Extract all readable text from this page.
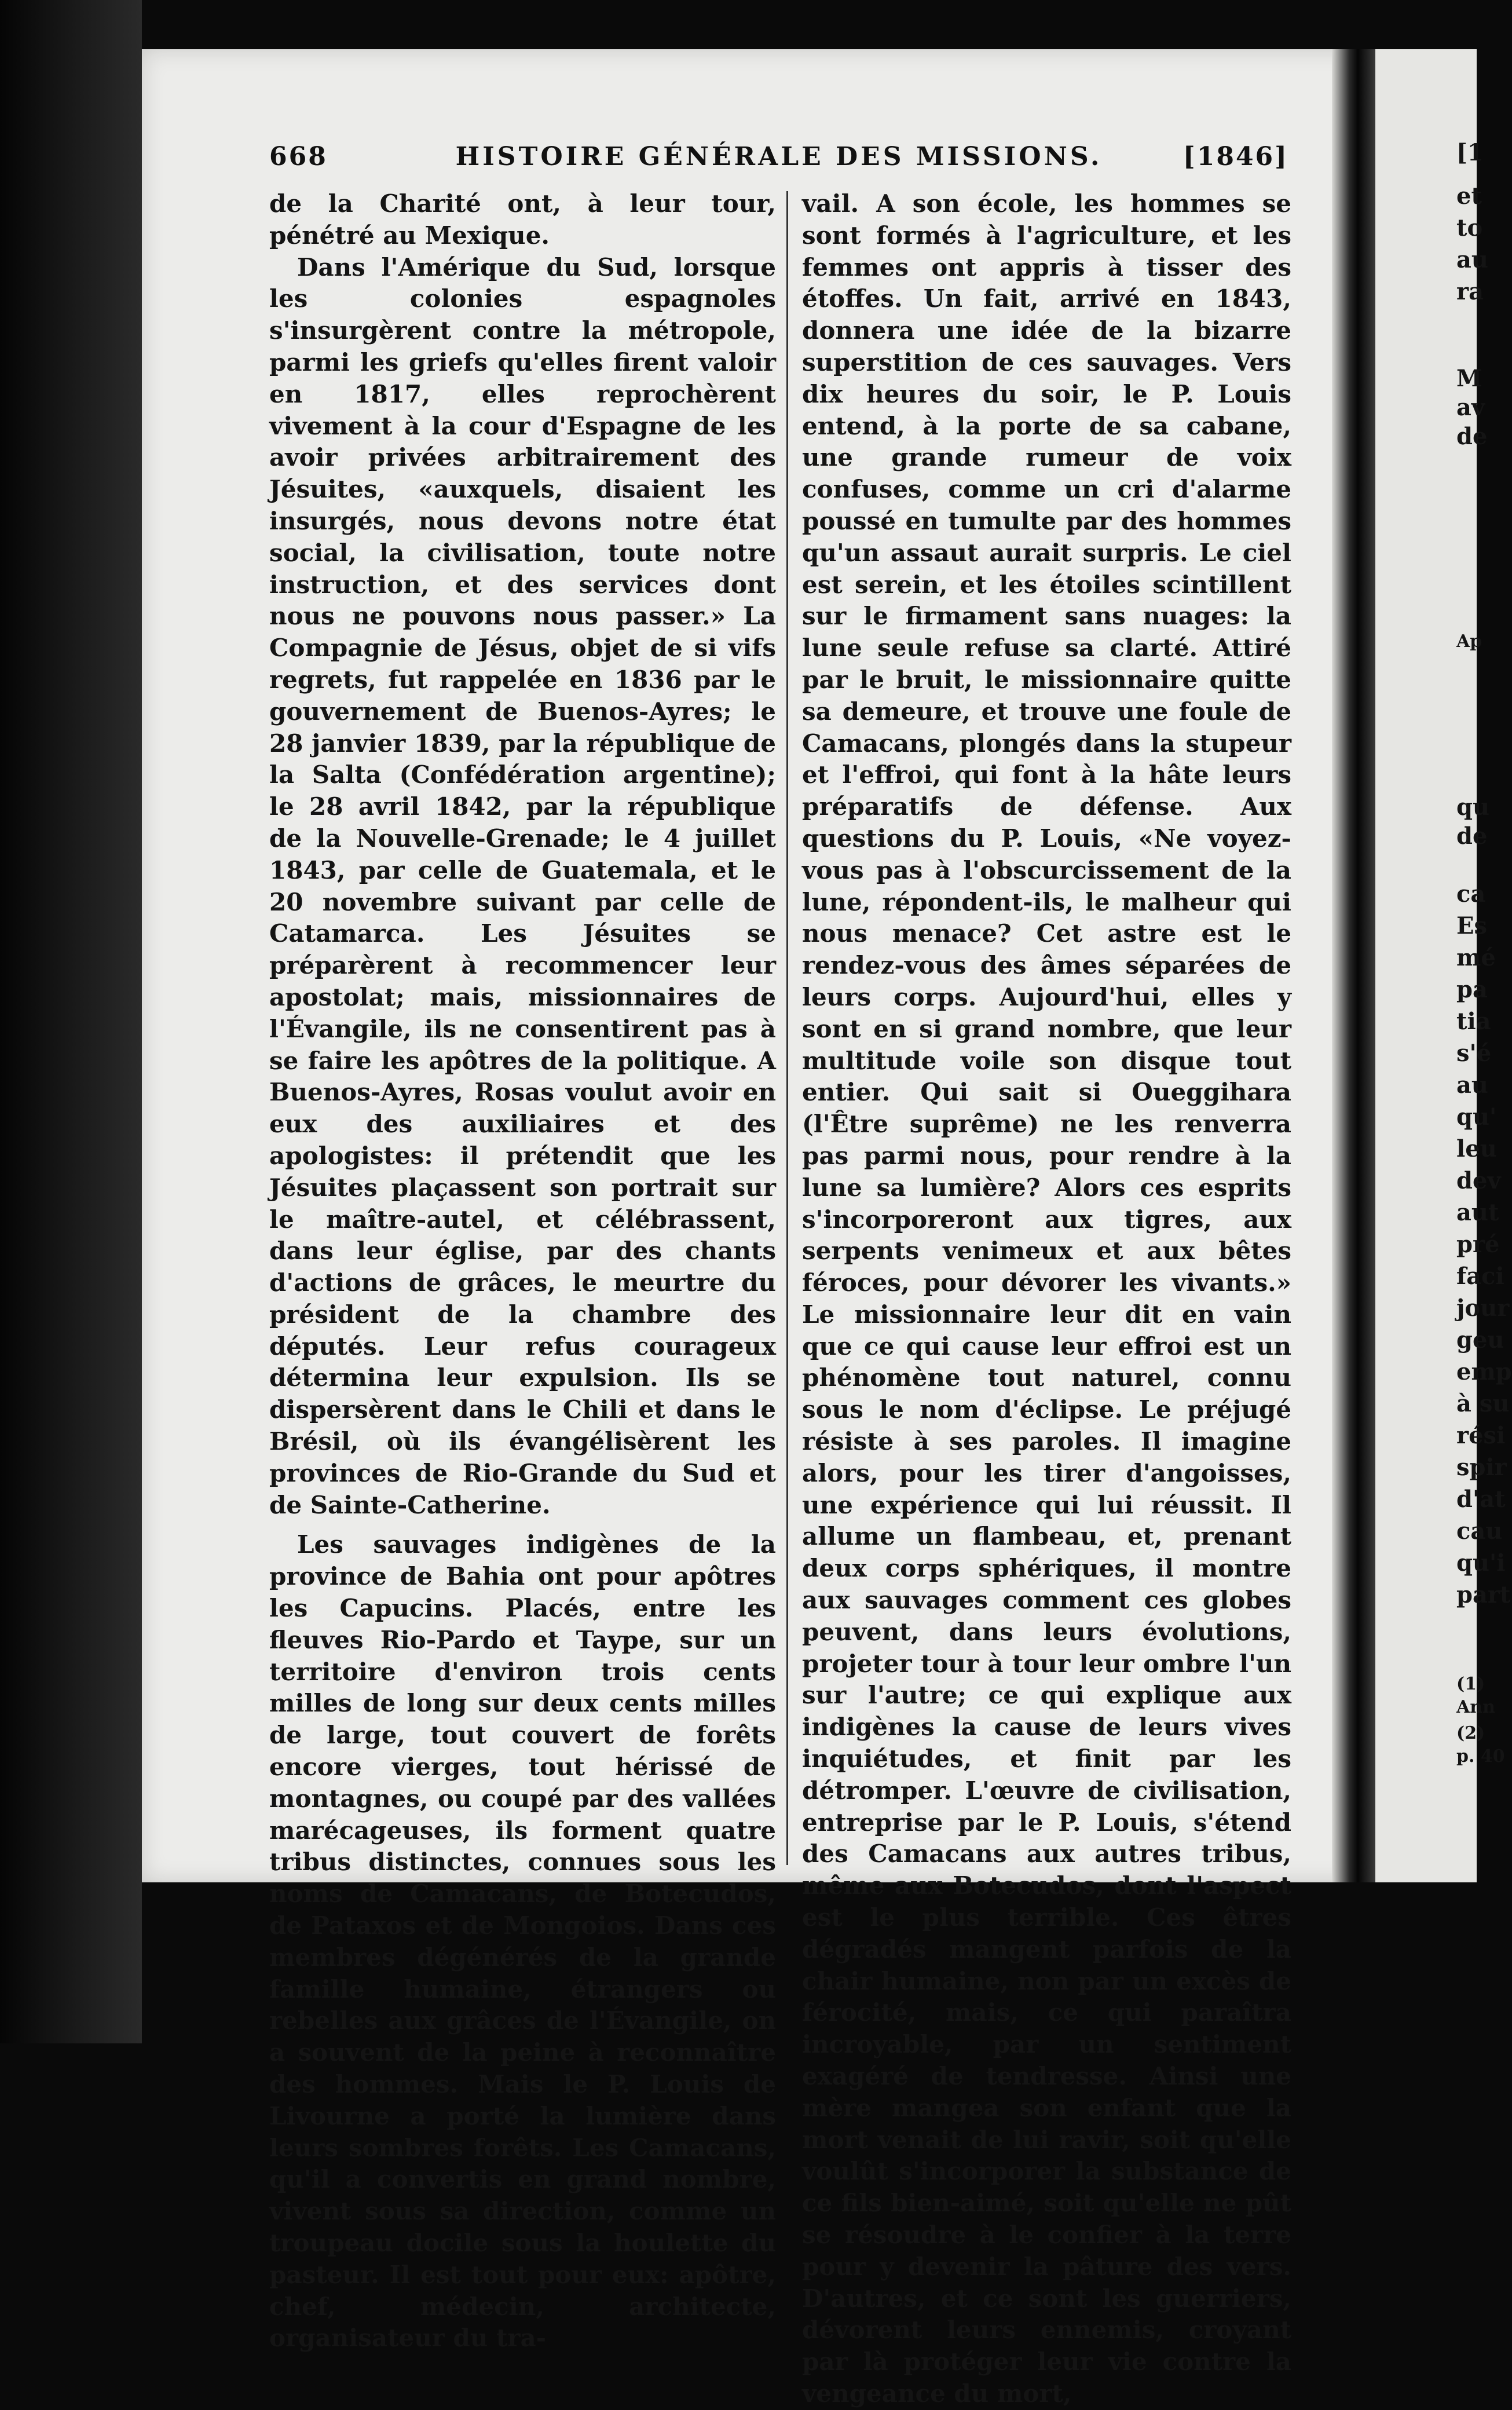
[1
et
to
au
ra
M
av
de
Ap
qu
de
ca
Es
mé
pa
tia
s'é
au
qu'
leu
dev
aut
pré
faci
jour
geu
emp
à su
rési
spir
d'at
cau
qu'i
part
(1)
Ann
(2)
p. 40
668	HISTOIRE GÉNÉRALE DES MISSIONS.	[1846]

de la Charité ont, à leur tour, pénétré au Mexique.

Dans l'Amérique du Sud, lorsque les colonies espagnoles s'insurgèrent contre la métropole, parmi les griefs qu'elles firent valoir en 1817, elles reprochèrent vivement à la cour d'Espagne de les avoir privées arbitrairement des Jésuites, «auxquels, disaient les insurgés, nous devons notre état social, la civilisation, toute notre instruction, et des services dont nous ne pouvons nous passer.» La Compagnie de Jésus, objet de si vifs regrets, fut rappelée en 1836 par le gouvernement de Buenos-Ayres; le 28 janvier 1839, par la république de la Salta (Confédération argentine); le 28 avril 1842, par la république de la Nouvelle-Grenade; le 4 juillet 1843, par celle de Guatemala, et le 20 novembre suivant par celle de Catamarca. Les Jésuites se préparèrent à recommencer leur apostolat; mais, missionnaires de l'Évangile, ils ne consentirent pas à se faire les apôtres de la politique. A Buenos-Ayres, Rosas voulut avoir en eux des auxiliaires et des apologistes: il prétendit que les Jésuites plaçassent son portrait sur le maître-autel, et célébrassent, dans leur église, par des chants d'actions de grâces, le meurtre du président de la chambre des députés. Leur refus courageux détermina leur expulsion. Ils se dispersèrent dans le Chili et dans le Brésil, où ils évangélisèrent les provinces de Rio-Grande du Sud et de Sainte-Catherine.

Les sauvages indigènes de la province de Bahia ont pour apôtres les Capucins. Placés, entre les fleuves Rio-Pardo et Taype, sur un territoire d'environ trois cents milles de long sur deux cents milles de large, tout couvert de forêts encore vierges, tout hérissé de montagnes, ou coupé par des vallées marécageuses, ils forment quatre tribus distinctes, connues sous les noms de Camacans, de Botecudos, de Pataxos et de Mongoios. Dans ces membres dégénérés de la grande famille humaine, étrangers ou rebelles aux grâces de l'Évangile, on a souvent de la peine à reconnaître des hommes. Mais le P. Louis de Livourne a porté la lumière dans leurs sombres forêts. Les Camacans, qu'il a convertis en grand nombre, vivent sous sa direction, comme un troupeau docile sous la houlette du pasteur. Il est tout pour eux: apôtre, chef, médecin, architecte, organisateur du tra-

vail. A son école, les hommes se sont formés à l'agriculture, et les femmes ont appris à tisser des étoffes. Un fait, arrivé en 1843, donnera une idée de la bizarre superstition de ces sauvages. Vers dix heures du soir, le P. Louis entend, à la porte de sa cabane, une grande rumeur de voix confuses, comme un cri d'alarme poussé en tumulte par des hommes qu'un assaut aurait surpris. Le ciel est serein, et les étoiles scintillent sur le firmament sans nuages: la lune seule refuse sa clarté. Attiré par le bruit, le missionnaire quitte sa demeure, et trouve une foule de Camacans, plongés dans la stupeur et l'effroi, qui font à la hâte leurs préparatifs de défense. Aux questions du P. Louis, «Ne voyez-vous pas à l'obscurcissement de la lune, répondent-ils, le malheur qui nous menace? Cet astre est le rendez-vous des âmes séparées de leurs corps. Aujourd'hui, elles y sont en si grand nombre, que leur multitude voile son disque tout entier. Qui sait si Oueggihara (l'Être suprême) ne les renverra pas parmi nous, pour rendre à la lune sa lumière? Alors ces esprits s'incorporeront aux tigres, aux serpents venimeux et aux bêtes féroces, pour dévorer les vivants.» Le missionnaire leur dit en vain que ce qui cause leur effroi est un phénomène tout naturel, connu sous le nom d'éclipse. Le préjugé résiste à ses paroles. Il imagine alors, pour les tirer d'angoisses, une expérience qui lui réussit. Il allume un flambeau, et, prenant deux corps sphériques, il montre aux sauvages comment ces globes peuvent, dans leurs évolutions, projeter tour à tour leur ombre l'un sur l'autre; ce qui explique aux indigènes la cause de leurs vives inquiétudes, et finit par les détromper. L'œuvre de civilisation, entreprise par le P. Louis, s'étend des Camacans aux autres tribus, même aux Botecudos, dont l'aspect est le plus terrible. Ces êtres dégradés mangent parfois de la chair humaine, non par un excès de férocité, mais, ce qui paraîtra incroyable, par un sentiment exagéré de tendresse. Ainsi une mère mangea son enfant que la mort venait de lui ravir, soit qu'elle voulût s'incorporer la substance de ce fils bien-aimé, soit qu'elle ne pût se résoudre à le confier à la terre pour y devenir la pâture des vers. D'autres, et ce sont les guerriers, dévorent leurs ennemis, croyant par là protéger leur vie contre la vengeance du mort,
